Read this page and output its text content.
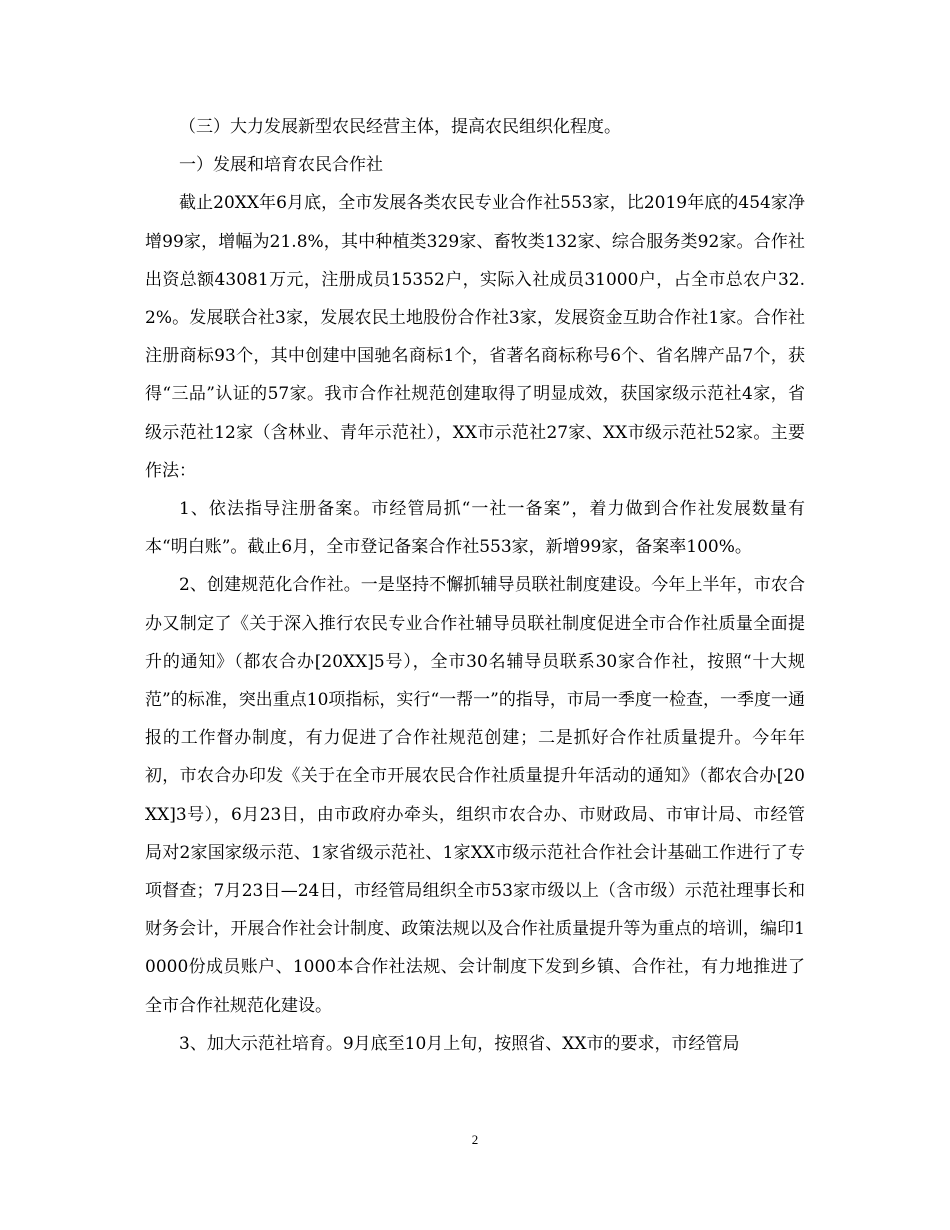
（三）大力发展新型农民经营主体，提高农民组织化程度。

一）发展和培育农民合作社

截止20XX年6月底，全市发展各类农民专业合作社553家，比2019年底的454家净增99家，增幅为21.8%，其中种植类329家、畜牧类132家、综合服务类92家。合作社出资总额43081万元，注册成员15352户，实际入社成员31000户，占全市总农户32.2%。发展联合社3家，发展农民土地股份合作社3家，发展资金互助合作社1家。合作社注册商标93个，其中创建中国驰名商标1个，省著名商标称号6个、省名牌产品7个，获得“三品”认证的57家。我市合作社规范创建取得了明显成效，获国家级示范社4家，省级示范社12家（含林业、青年示范社），XX市示范社27家、XX市级示范社52家。主要作法：

1、依法指导注册备案。市经管局抓“一社一备案”，着力做到合作社发展数量有本“明白账”。截止6月，全市登记备案合作社553家，新增99家，备案率100%。

2、创建规范化合作社。一是坚持不懈抓辅导员联社制度建设。今年上半年，市农合办又制定了《关于深入推行农民专业合作社辅导员联社制度促进全市合作社质量全面提升的通知》（都农合办[20XX]5号），全市30名辅导员联系30家合作社，按照“十大规范”的标准，突出重点10项指标，实行“一帮一”的指导，市局一季度一检查，一季度一通报的工作督办制度，有力促进了合作社规范创建；二是抓好合作社质量提升。今年年初，市农合办印发《关于在全市开展农民合作社质量提升年活动的通知》（都农合办[20XX]3号），6月23日，由市政府办牵头，组织市农合办、市财政局、市审计局、市经管局对2家国家级示范、1家省级示范社、1家XX市级示范社合作社会计基础工作进行了专项督查；7月23日—24日，市经管局组织全市53家市级以上（含市级）示范社理事长和财务会计，开展合作社会计制度、政策法规以及合作社质量提升等为重点的培训，编印10000份成员账户、1000本合作社法规、会计制度下发到乡镇、合作社，有力地推进了全市合作社规范化建设。

3、加大示范社培育。9月底至10月上旬，按照省、XX市的要求，市经管局

2
